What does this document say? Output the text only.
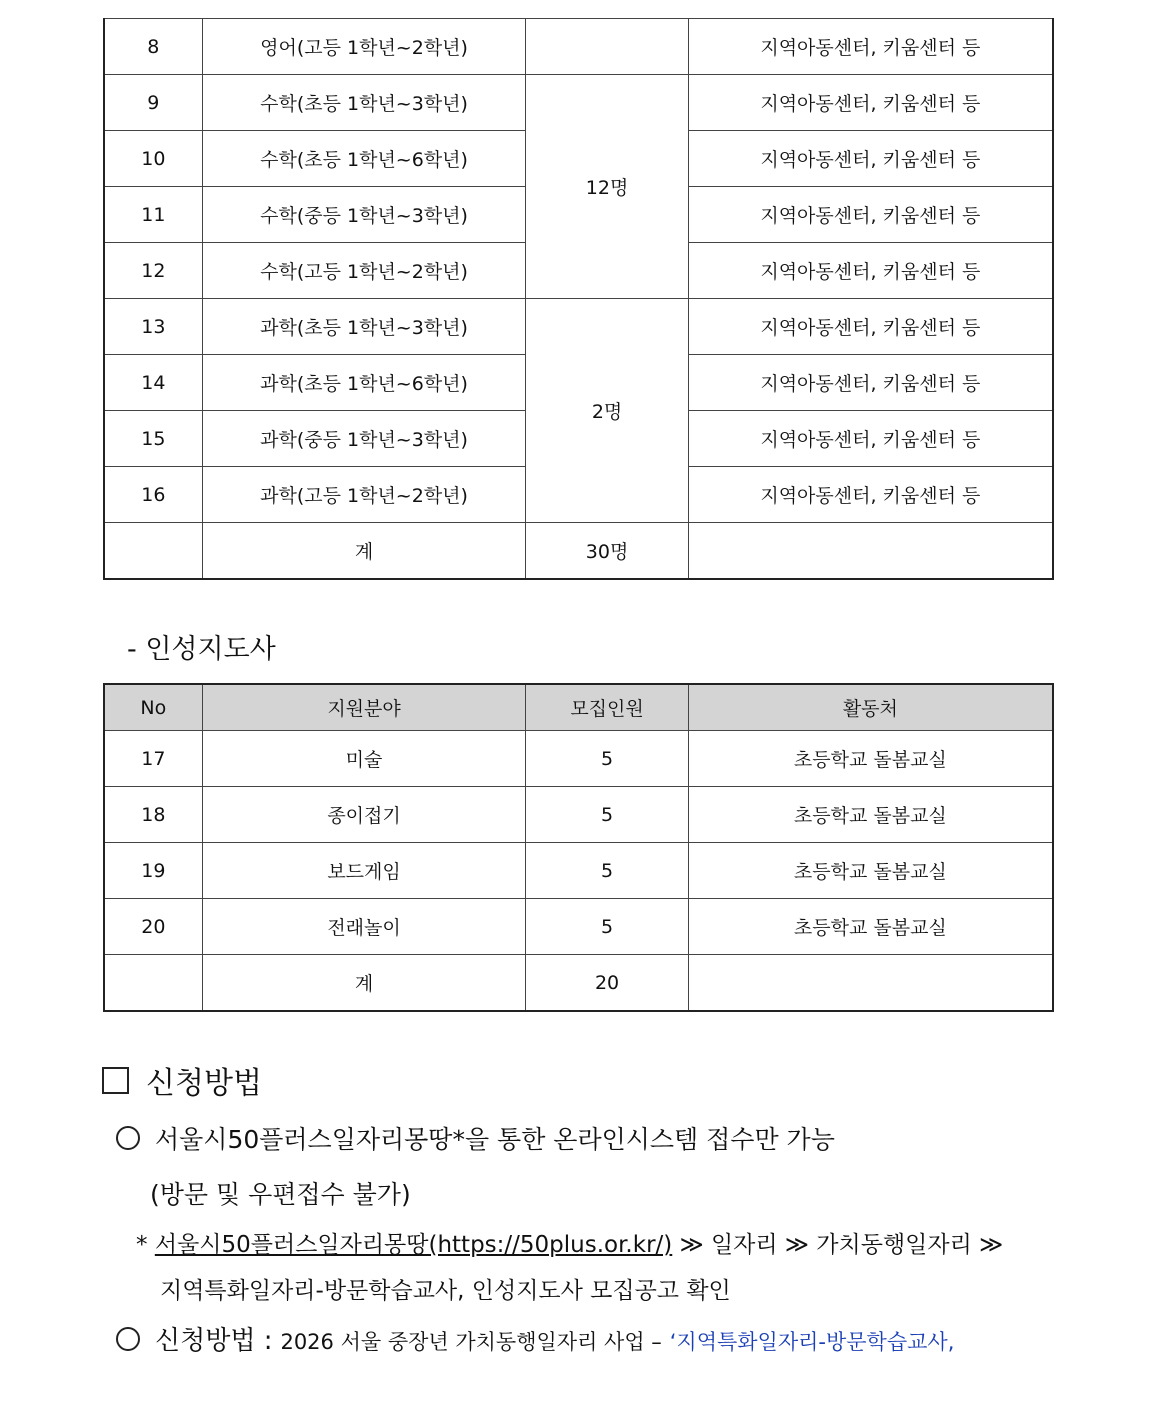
8	영어(고등 1학년~2학년)		지역아동센터, 키움센터 등
9	수학(초등 1학년~3학년)	12명	지역아동센터, 키움센터 등
10	수학(초등 1학년~6학년)		지역아동센터, 키움센터 등
11	수학(중등 1학년~3학년)		지역아동센터, 키움센터 등
12	수학(고등 1학년~2학년)		지역아동센터, 키움센터 등
13	과학(초등 1학년~3학년)	2명	지역아동센터, 키움센터 등
14	과학(초등 1학년~6학년)		지역아동센터, 키움센터 등
15	과학(중등 1학년~3학년)		지역아동센터, 키움센터 등
16	과학(고등 1학년~2학년)		지역아동센터, 키움센터 등
	계	30명	
- 인성지도사
No	지원분야	모집인원	활동처
17	미술	5	초등학교 돌봄교실
18	종이접기	5	초등학교 돌봄교실
19	보드게임	5	초등학교 돌봄교실
20	전래놀이	5	초등학교 돌봄교실
	계	20	
신청방법
서울시50플러스일자리몽땅*을 통한 온라인시스템 접수만 가능
(방문 및 우편접수 불가)
* 서울시50플러스일자리몽땅(https://50plus.or.kr/) ≫ 일자리 ≫ 가치동행일자리 ≫
지역특화일자리-방문학습교사, 인성지도사 모집공고 확인
신청방법 : 2026 서울 중장년 가치동행일자리 사업 – ‘지역특화일자리-방문학습교사,
